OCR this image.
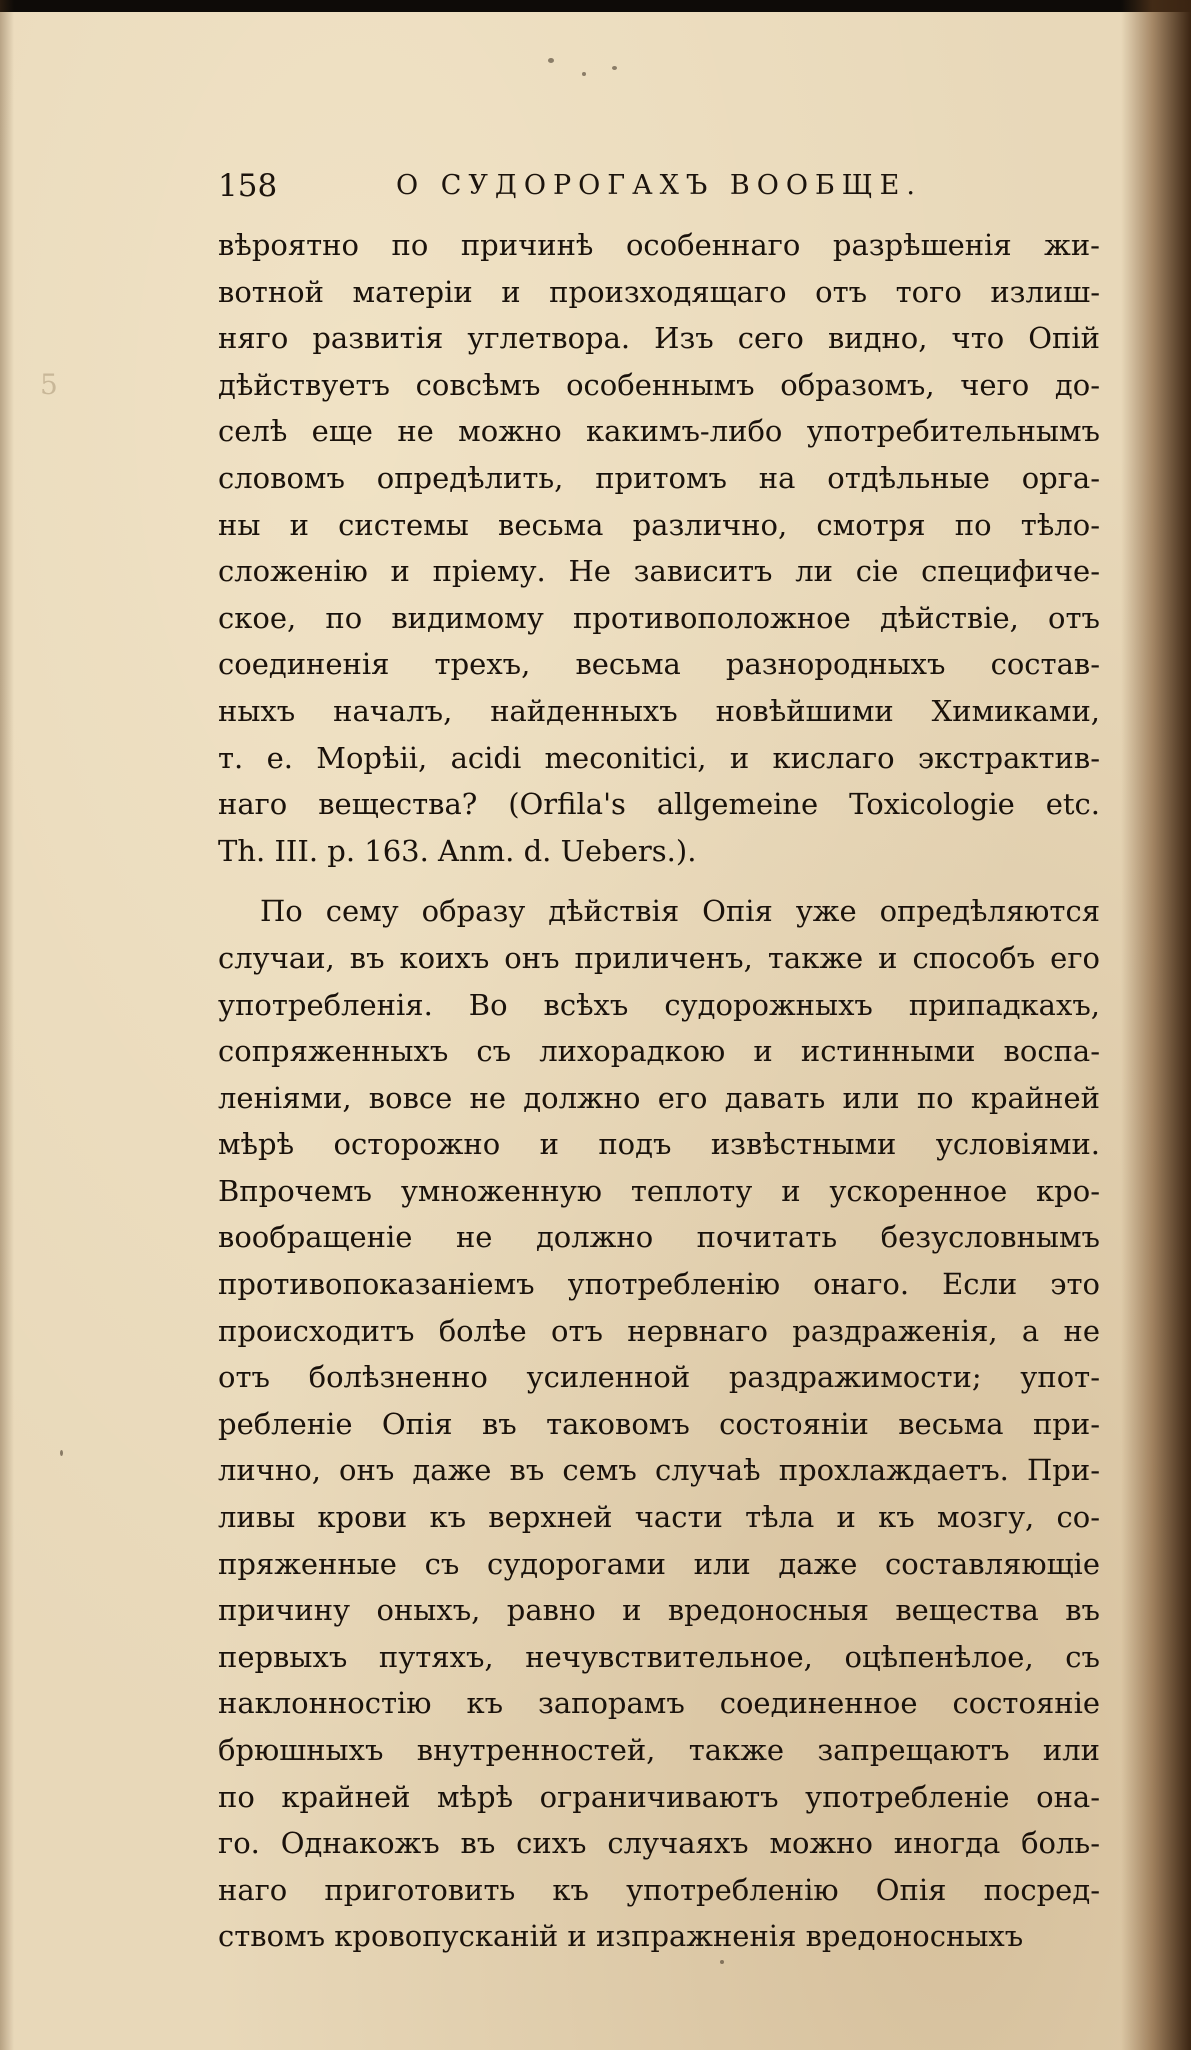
5
158	О СУДОРОГАХЪ ВООБЩЕ.
вѣроятно по причинѣ особеннаго разрѣшенія жи-
вотной матеріи и произходящаго отъ того излиш-
няго развитія углетвора. Изъ сего видно, что Опій
дѣйствуетъ совсѣмъ особеннымъ образомъ, чего до-
селѣ еще не можно какимъ-либо употребительнымъ
словомъ опредѣлить, притомъ на отдѣльные орга-
ны и системы весьма различно, смотря по тѣло-
сложенію и пріему. Не зависитъ ли сіе специфиче-
ское, по видимому противоположное дѣйствіе, отъ
соединенія трехъ, весьма разнородныхъ состав-
ныхъ началъ, найденныхъ новѣйшими Химиками,
т. е. Морѣіі, acidi meconitici, и кислаго экстрактив-
наго вещества? (Orfila's allgemeine Toxicologie etc.
Th. III. p. 163. Anm. d. Uebers.).
По сему образу дѣйствія Опія уже опредѣляются
случаи, въ коихъ онъ приличенъ, также и способъ его
употребленія. Во всѣхъ судорожныхъ припадкахъ,
сопряженныхъ съ лихорадкою и истинными воспа-
леніями, вовсе не должно его давать или по крайней
мѣрѣ осторожно и подъ извѣстными условіями.
Впрочемъ умноженную теплоту и ускоренное кро-
вообращеніе не должно почитать безусловнымъ
противопоказаніемъ употребленію онаго. Если это
происходитъ болѣе отъ нервнаго раздраженія, а не
отъ болѣзненно усиленной раздражимости; упот-
ребленіе Опія въ таковомъ состояніи весьма при-
лично, онъ даже въ семъ случаѣ прохлаждаетъ. При-
ливы крови къ верхней части тѣла и къ мозгу, со-
пряженные съ судорогами или даже составляющіе
причину оныхъ, равно и вредоносныя вещества въ
первыхъ путяхъ, нечувствительное, оцѣпенѣлое, съ
наклонностію къ запорамъ соединенное состояніе
брюшныхъ внутренностей, также запрещаютъ или
по крайней мѣрѣ ограничиваютъ употребленіе она-
го. Однакожъ въ сихъ случаяхъ можно иногда боль-
наго приготовить къ употребленію Опія посред-
ствомъ кровопусканій и изпражненія вредоносныхъ
